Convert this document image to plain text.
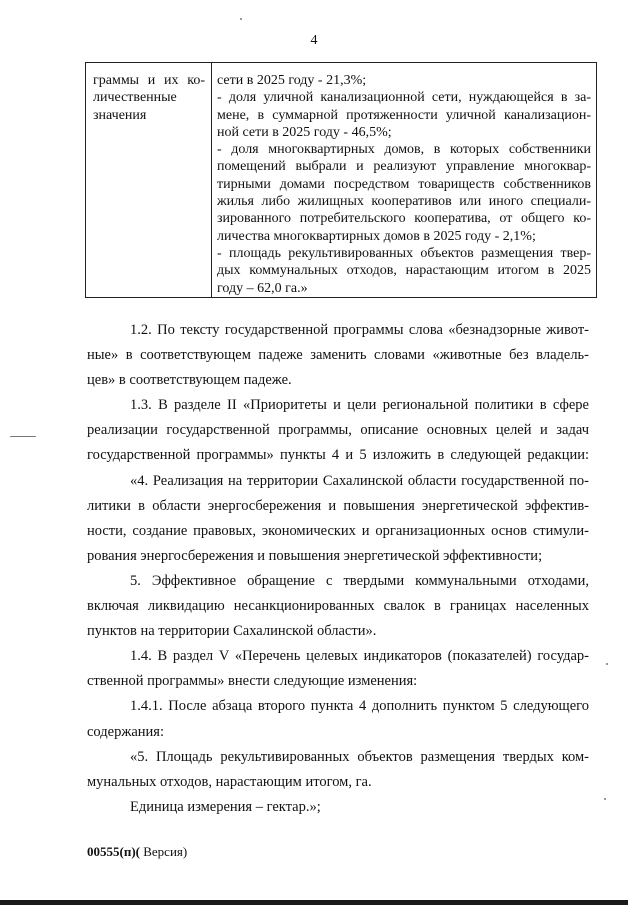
4
граммы и их ко-
личественные
значения
сети в 2025 году - 21,3%;
- доля уличной канализационной сети, нуждающейся в за-
мене, в суммарной протяженности уличной канализацион-
ной сети в 2025 году - 46,5%;
- доля многоквартирных домов, в которых собственники
помещений выбрали и реализуют управление многоквар-
тирными домами посредством товариществ собственников
жилья либо жилищных кооперативов или иного специали-
зированного потребительского кооператива, от общего ко-
личества многоквартирных домов в 2025 году - 2,1%;
- площадь рекультивированных объектов размещения твер-
дых коммунальных отходов, нарастающим итогом в 2025
году – 62,0 га.»
1.2. По тексту государственной программы слова «безнадзорные живот-
ные» в соответствующем падеже заменить словами «животные без владель-
цев» в соответствующем падеже.
1.3. В разделе II «Приоритеты и цели региональной политики в сфере
реализации государственной программы, описание основных целей и задач
государственной программы» пункты 4 и 5 изложить в следующей редакции:
«4. Реализация на территории Сахалинской области государственной по-
литики в области энергосбережения и повышения энергетической эффектив-
ности, создание правовых, экономических и организационных основ стимули-
рования энергосбережения и повышения энергетической эффективности;
5. Эффективное обращение с твердыми коммунальными отходами,
включая ликвидацию несанкционированных свалок в границах населенных
пунктов на территории Сахалинской области».
1.4. В раздел V «Перечень целевых индикаторов (показателей) государ-
ственной программы» внести следующие изменения:
1.4.1. После абзаца второго пункта 4 дополнить пунктом 5 следующего
содержания:
«5. Площадь рекультивированных объектов размещения твердых ком-
мунальных отходов, нарастающим итогом, га.
Единица измерения – гектар.»;
00555(п)( Версия)
